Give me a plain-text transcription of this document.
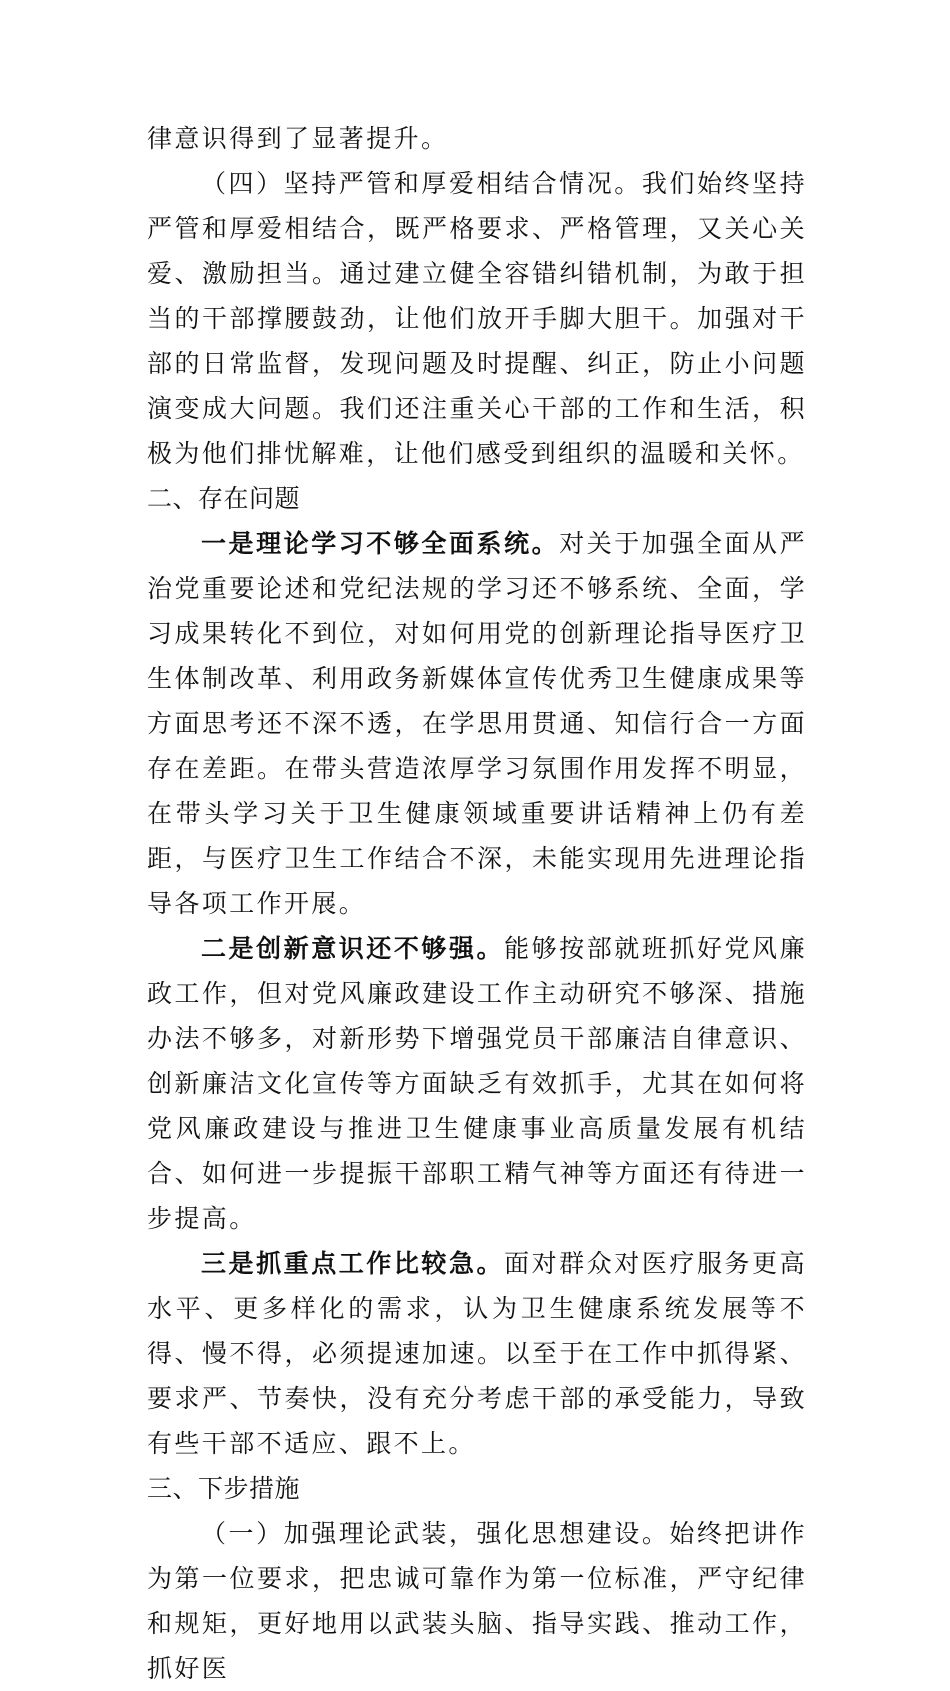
律意识得到了显著提升。

（四）坚持严管和厚爱相结合情况。我们始终坚持严管和厚爱相结合，既严格要求、严格管理，又关心关爱、激励担当。通过建立健全容错纠错机制，为敢于担当的干部撑腰鼓劲，让他们放开手脚大胆干。加强对干部的日常监督，发现问题及时提醒、纠正，防止小问题演变成大问题。我们还注重关心干部的工作和生活，积极为他们排忧解难，让他们感受到组织的温暖和关怀。

二、存在问题

一是理论学习不够全面系统。对关于加强全面从严治党重要论述和党纪法规的学习还不够系统、全面，学习成果转化不到位，对如何用党的创新理论指导医疗卫生体制改革、利用政务新媒体宣传优秀卫生健康成果等方面思考还不深不透，在学思用贯通、知信行合一方面存在差距。在带头营造浓厚学习氛围作用发挥不明显，在带头学习关于卫生健康领域重要讲话精神上仍有差距，与医疗卫生工作结合不深，未能实现用先进理论指导各项工作开展。

二是创新意识还不够强。能够按部就班抓好党风廉政工作，但对党风廉政建设工作主动研究不够深、措施办法不够多，对新形势下增强党员干部廉洁自律意识、创新廉洁文化宣传等方面缺乏有效抓手，尤其在如何将党风廉政建设与推进卫生健康事业高质量发展有机结合、如何进一步提振干部职工精气神等方面还有待进一步提高。

三是抓重点工作比较急。面对群众对医疗服务更高水平、更多样化的需求，认为卫生健康系统发展等不得、慢不得，必须提速加速。以至于在工作中抓得紧、要求严、节奏快，没有充分考虑干部的承受能力，导致有些干部不适应、跟不上。

三、下步措施

（一）加强理论武装，强化思想建设。始终把讲作为第一位要求，把忠诚可靠作为第一位标准，严守纪律和规矩，更好地用以武装头脑、指导实践、推动工作，抓好医
